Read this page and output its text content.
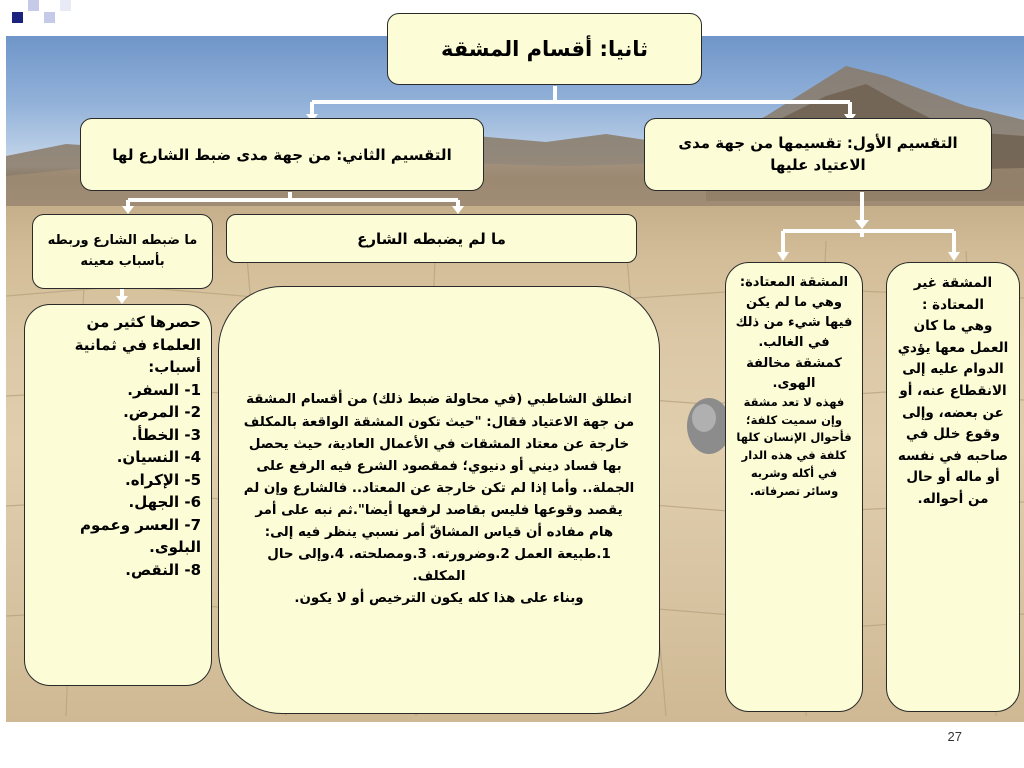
ثانيا: أقسام المشقة
التقسيم الأول: تقسيمها من جهة مدى الاعتياد عليها
التقسيم الثاني: من جهة مدى ضبط الشارع لها
ما ضبطه الشارع وربطه بأسباب معينه
ما لم يضبطه الشارع
حصرها كثير من العلماء في ثمانية أسباب:
1- السفر.
2- المرض.
3- الخطأ.
4- النسيان.
5- الإكراه.
6- الجهل.
7- العسر وعموم البلوى.
8- النقص.
انطلق الشاطبي (في محاولة ضبط ذلك) من أقسام المشقة من جهة الاعتياد فقال: "حيث تكون المشقة الواقعة بالمكلف خارجة عن معتاد المشقات في الأعمال العادية، حيث يحصل بها فساد ديني أو دنيوي؛ فمقصود الشرع فيه الرفع على الجملة.. وأما إذا لم تكن خارجة عن المعتاد.. فالشارع وإن لم يقصد وقوعها فليس بقاصد لرفعها أيضا".ثم نبه على أمر هام مفاده أن قياس المشاقّ أمر نسبي ينظر فيه إلى:
1.طبيعة العمل 2.وضرورته. 3.ومصلحته. 4.وإلى حال المكلف.
وبناء على هذا كله يكون الترخيص أو لا يكون.
المشقة المعتادة:
وهي ما لم يكن فيها شيء من ذلك في الغالب. كمشقة مخالفة الهوى.
فهذه لا تعد مشقة وإن سميت كلفة؛ فأحوال الإنسان كلها كلفة في هذه الدار في أكله وشربه وسائر تصرفاته.
المشقة غير المعتادة :
وهي ما كان العمل معها يؤدي الدوام عليه إلى الانقطاع عنه، أو عن بعضه، وإلى وقوع خلل في صاحبه في نفسه أو ماله أو حال من أحواله.
27
